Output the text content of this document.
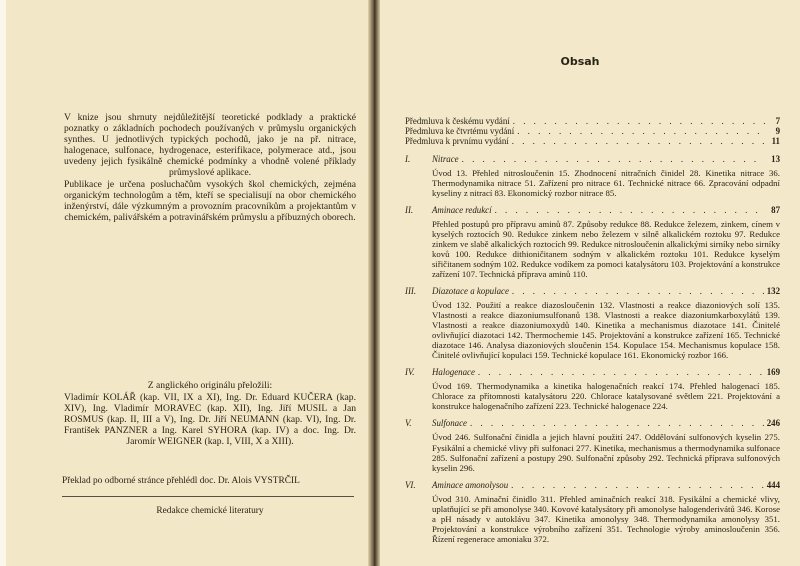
V knize jsou shrnuty nejdůležitější teoretické podklady a praktické poznatky o základních pochodech používaných v průmyslu organických synthes. U jednotlivých typických pochodů, jako je na př. nitrace, halogenace, sulfonace, hydrogenace, esterifikace, polymerace atd., jsou uvedeny jejich fysikálně chemické podmínky a vhodně volené příklady průmyslové aplikace.

Publikace je určena posluchačům vysokých škol chemických, zejména organickým technologům a těm, kteří se specialisují na obor chemického inženýrství, dále výzkumným a provozním pracovníkům a projektantům v chemickém, palivářském a potravinářském průmyslu a příbuzných oborech.

Z anglického originálu přeložili:
Vladimír KOLÁŘ (kap. VII, IX a XI), Ing. Dr. Eduard KUČERA (kap. XIV), Ing. Vladimír MORAVEC (kap. XII), Ing. Jiří MUSIL a Jan ROSMUS (kap. II, III a V), Ing. Dr. Jiří NEUMANN (kap. VI), Ing. Dr. František PANZNER a Ing. Karel SYHORA (kap. IV) a doc. Ing. Dr. Jaromír WEIGNER (kap. I, VIII, X a XIII).
Překlad po odborné stránce přehlédl doc. Dr. Alois VYSTRČIL
Redakce chemické literatury
Obsah
Předmluva k českému vydání . . .	7
Předmluva ke čtvrtému vydání . . .	9
Předmluva k prvnímu vydání . . .	11
I.	Nitrace . . .	13
Úvod 13. Přehled nitrosloučenin 15. Zhodnocení nitračních činidel 28. Kinetika nitrace 36. Thermodynamika nitrace 51. Zařízení pro nitrace 61. Technické nitrace 66. Zpracování odpadní kyseliny z nitrací 83. Ekonomický rozbor nitrace 85.
II.	Aminace redukcí . . .	87
Přehled postupů pro přípravu aminů 87. Způsoby redukce 88. Redukce železem, zinkem, cínem v kyselých roztocích 90. Redukce zinkem nebo železem v silně alkalickém roztoku 97. Redukce zinkem ve slabě alkalických roztocích 99. Redukce nitrosloučenin alkalickými sirníky nebo sirníky kovů 100. Redukce dithioničitanem sodným v alkalickém roztoku 101. Redukce kyselým siřičitanem sodným 102. Redukce vodíkem za pomoci katalysátoru 103. Projektování a konstrukce zařízení 107. Technická příprava aminů 110.
III.	Diazotace a kopulace . . .	132
Úvod 132. Použití a reakce diazosloučenin 132. Vlastnosti a reakce diazoniových solí 135. Vlastnosti a reakce diazoniumsulfonanů 138. Vlastnosti a reakce diazoniumkarboxylátů 139. Vlastnosti a reakce diazoniumoxydů 140. Kinetika a mechanismus diazotace 141. Činitelé ovlivňující diazotaci 142. Thermochemie 145. Projektování a konstrukce zařízení 165. Technické diazotace 146. Analysa diazoniových sloučenin 154. Kopulace 154. Mechanismus kopulace 158. Činitelé ovlivňující kopulaci 159. Technické kopulace 161. Ekonomický rozbor 166.
IV.	Halogenace . . .	169
Úvod 169. Thermodynamika a kinetika halogenačních reakcí 174. Přehled halogenací 185. Chlorace za přítomnosti katalysátoru 220. Chlorace katalysované světlem 221. Projektování a konstrukce halogenačního zařízení 223. Technické halogenace 224.
V.	Sulfonace . . .	246
Úvod 246. Sulfonační činidla a jejich hlavní použití 247. Oddělování sulfonových kyselin 275. Fysikální a chemické vlivy při sulfonaci 277. Kinetika, mechanismus a thermodynamika sulfonace 285. Sulfonační zařízení a postupy 290. Sulfonační způsoby 292. Technická příprava sulfonových kyselin 296.
VI.	Aminace amonolysou . . .	444
Úvod 310. Aminační činidlo 311. Přehled aminačních reakcí 318. Fysikální a chemické vlivy, uplatňující se při amonolyse 340. Kovové katalysátory při amonolyse halogenderivátů 346. Korose a pH násady v autoklávu 347. Kinetika amonolysy 348. Thermodynamika amonolysy 351. Projektování a konstrukce výrobního zařízení 351. Technologie výroby aminosloučenin 356. Řízení regenerace amoniaku 372.
